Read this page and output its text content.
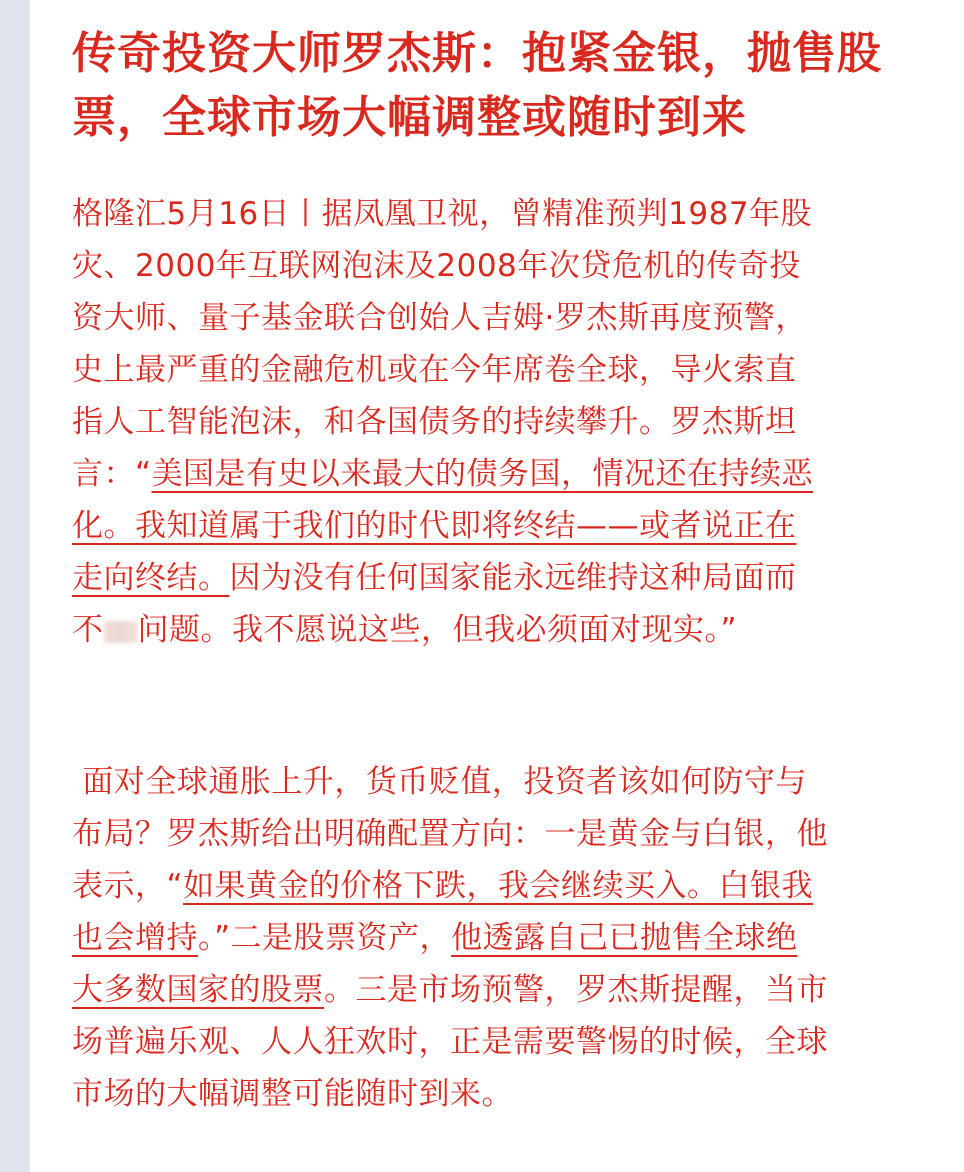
传奇投资大师罗杰斯：抱紧金银，抛售股
票，全球市场大幅调整或随时到来
格隆汇5月16日丨据凤凰卫视，曾精准预判1987年股
灾、2000年互联网泡沫及2008年次贷危机的传奇投
资大师、量子基金联合创始人吉姆·罗杰斯再度预警，
史上最严重的金融危机或在今年席卷全球，导火索直
指人工智能泡沫，和各国债务的持续攀升。罗杰斯坦
言：“美国是有史以来最大的债务国，情况还在持续恶
化。我知道属于我们的时代即将终结——或者说正在
走向终结。因为没有任何国家能永远维持这种局面而
不 问题。我不愿说这些，但我必须面对现实。”
面对全球通胀上升，货币贬值，投资者该如何防守与
布局？罗杰斯给出明确配置方向：一是黄金与白银，他
表示，“如果黄金的价格下跌，我会继续买入。白银我
也会增持。”二是股票资产，他透露自己已抛售全球绝
大多数国家的股票。三是市场预警，罗杰斯提醒，当市
场普遍乐观、人人狂欢时，正是需要警惕的时候，全球
市场的大幅调整可能随时到来。
